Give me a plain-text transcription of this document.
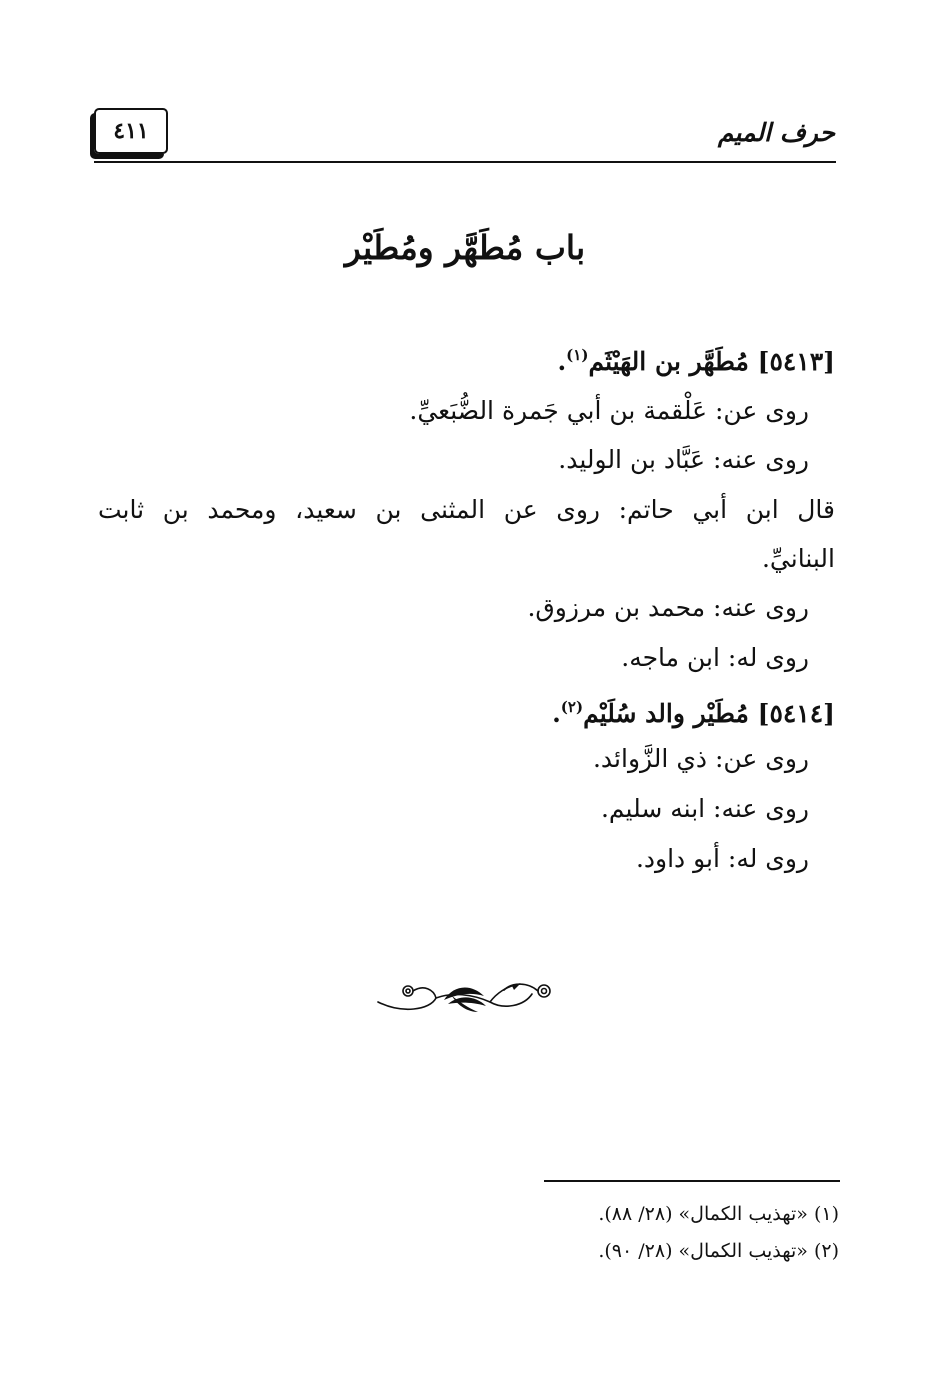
حرف الميم
٤١١
باب مُطَهَّر ومُطَيْر
[٥٤١٣] مُطَهَّر بن الهَيْثَم$^{(١)}$.
روى عن: عَلْقمة بن أبي جَمرة الضُّبَعيِّ.
روى عنه: عَبَّاد بن الوليد.
قال ابن أبي حاتم: روى عن المثنى بن سعيد، ومحمد بن ثابت
البنانيِّ.
روى عنه: محمد بن مرزوق.
روى له: ابن ماجه.
[٥٤١٤] مُطَيْر والد سُلَيْم$^{(٢)}$.
روى عن: ذي الزَّوائد.
روى عنه: ابنه سليم.
روى له: أبو داود.
(١) «تهذيب الكمال» (٢٨/ ٨٨).
(٢) «تهذيب الكمال» (٢٨/ ٩٠).
